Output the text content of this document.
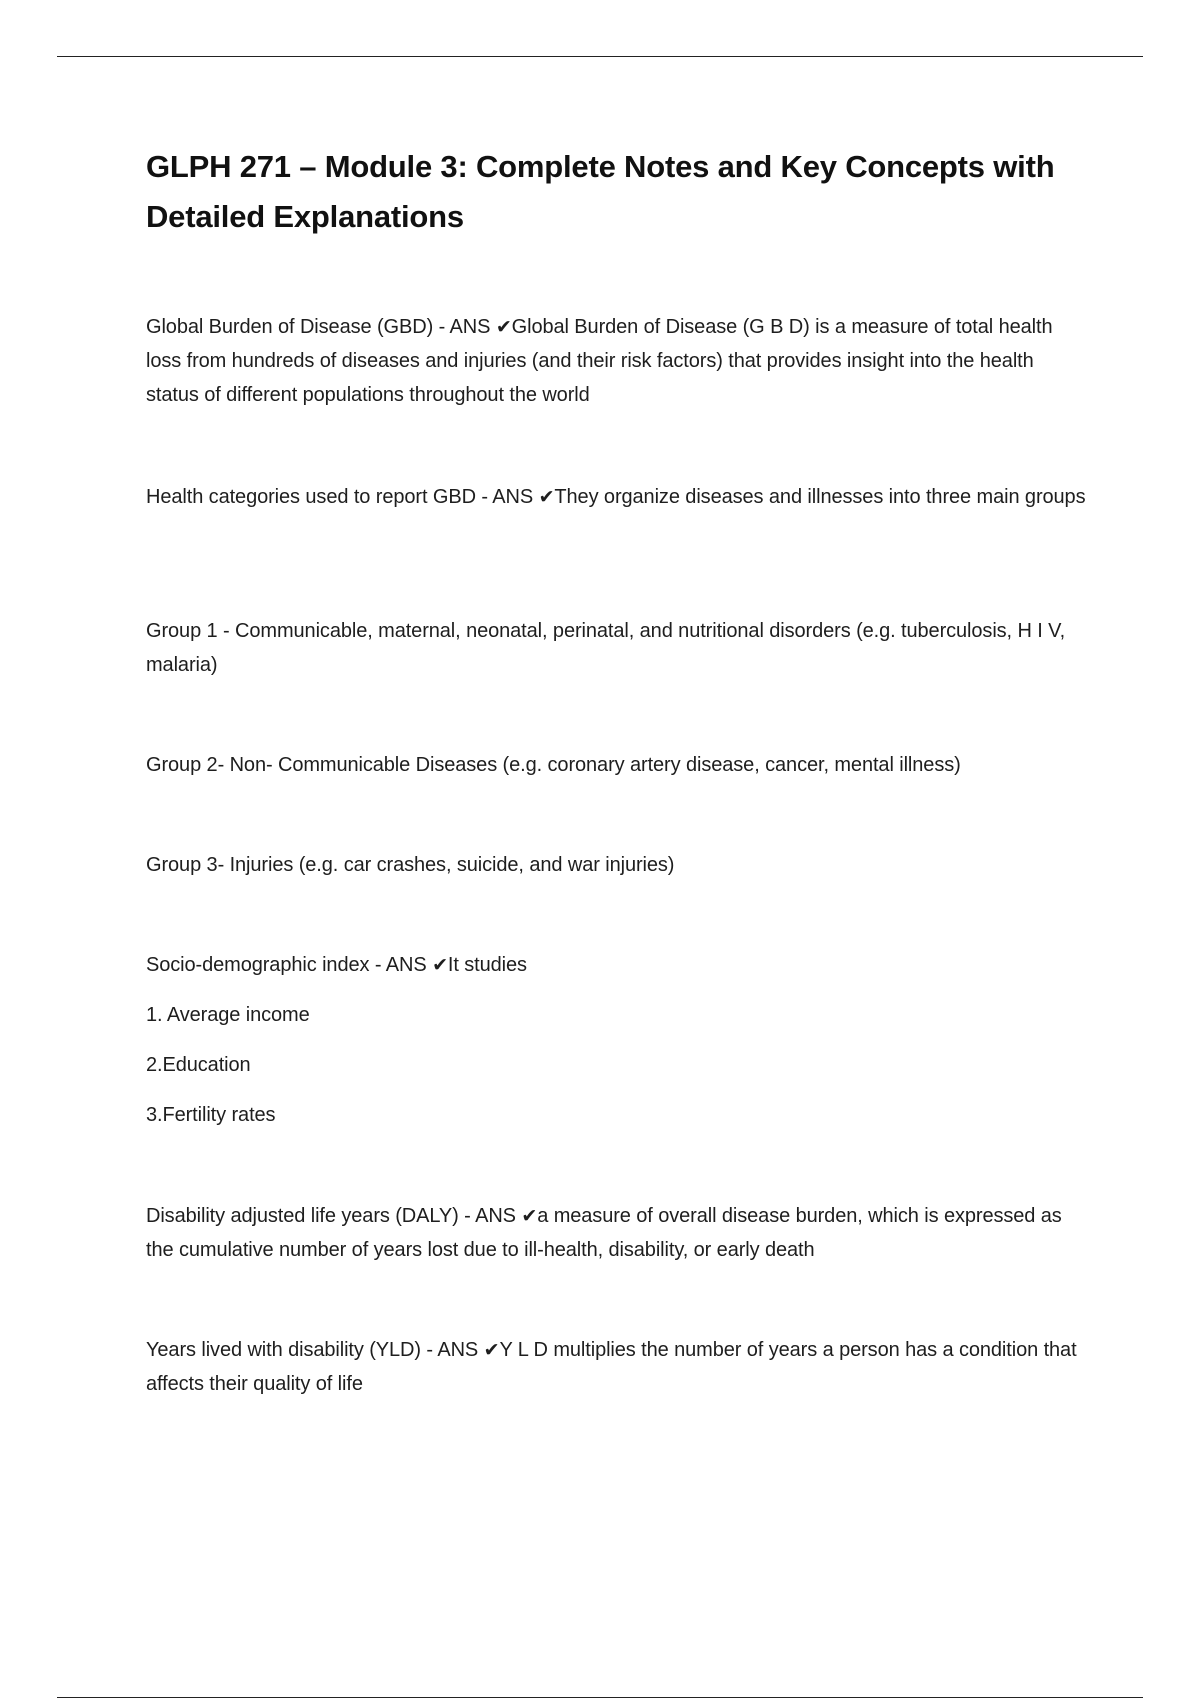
GLPH 271 – Module 3: Complete Notes and Key Concepts with Detailed Explanations

Global Burden of Disease (GBD) - ANS ✔Global Burden of Disease (G B D) is a measure of total health loss from hundreds of diseases and injuries (and their risk factors) that provides insight into the health status of different populations throughout the world

Health categories used to report GBD - ANS ✔They organize diseases and illnesses into three main groups

Group 1 - Communicable, maternal, neonatal, perinatal, and nutritional disorders (e.g. tuberculosis, H I V, malaria)

Group 2- Non- Communicable Diseases (e.g. coronary artery disease, cancer, mental illness)

Group 3- Injuries (e.g. car crashes, suicide, and war injuries)

Socio-demographic index - ANS ✔It studies

1. Average income

2.Education

3.Fertility rates

Disability adjusted life years (DALY) - ANS ✔a measure of overall disease burden, which is expressed as the cumulative number of years lost due to ill-health, disability, or early death

Years lived with disability (YLD) - ANS ✔Y L D multiplies the number of years a person has a condition that affects their quality of life
